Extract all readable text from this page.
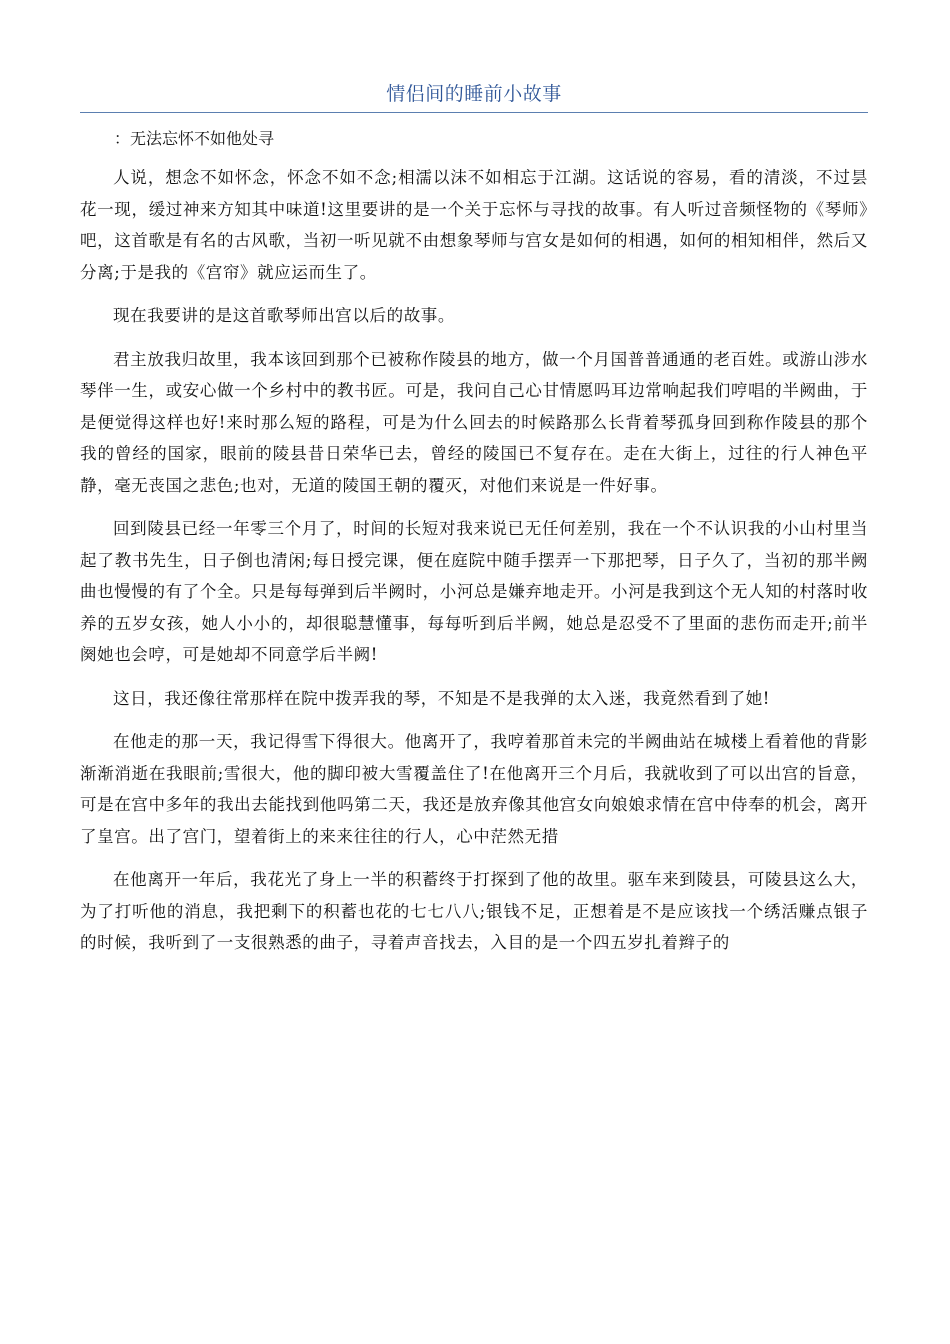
情侣间的睡前小故事

：无法忘怀不如他处寻

人说，想念不如怀念，怀念不如不念;相濡以沫不如相忘于江湖。这话说的容易，看的清淡，不过昙花一现，缓过神来方知其中味道!这里要讲的是一个关于忘怀与寻找的故事。有人听过音频怪物的《琴师》吧，这首歌是有名的古风歌，当初一听见就不由想象琴师与宫女是如何的相遇，如何的相知相伴，然后又分离;于是我的《宫帘》就应运而生了。

现在我要讲的是这首歌琴师出宫以后的故事。

君主放我归故里，我本该回到那个已被称作陵县的地方，做一个月国普普通通的老百姓。或游山涉水琴伴一生，或安心做一个乡村中的教书匠。可是，我问自己心甘情愿吗耳边常响起我们哼唱的半阙曲，于是便觉得这样也好!来时那么短的路程，可是为什么回去的时候路那么长背着琴孤身回到称作陵县的那个我的曾经的国家，眼前的陵县昔日荣华已去，曾经的陵国已不复存在。走在大街上，过往的行人神色平静，毫无丧国之悲色;也对，无道的陵国王朝的覆灭，对他们来说是一件好事。

回到陵县已经一年零三个月了，时间的长短对我来说已无任何差别，我在一个不认识我的小山村里当起了教书先生，日子倒也清闲;每日授完课，便在庭院中随手摆弄一下那把琴，日子久了，当初的那半阙曲也慢慢的有了个全。只是每每弹到后半阙时，小河总是嫌弃地走开。小河是我到这个无人知的村落时收养的五岁女孩，她人小小的，却很聪慧懂事，每每听到后半阙，她总是忍受不了里面的悲伤而走开;前半阕她也会哼，可是她却不同意学后半阙!

这日，我还像往常那样在院中拨弄我的琴，不知是不是我弹的太入迷，我竟然看到了她!

在他走的那一天，我记得雪下得很大。他离开了，我哼着那首未完的半阙曲站在城楼上看着他的背影渐渐消逝在我眼前;雪很大，他的脚印被大雪覆盖住了!在他离开三个月后，我就收到了可以出宫的旨意，可是在宫中多年的我出去能找到他吗第二天，我还是放弃像其他宫女向娘娘求情在宫中侍奉的机会，离开了皇宫。出了宫门，望着街上的来来往往的行人，心中茫然无措

在他离开一年后，我花光了身上一半的积蓄终于打探到了他的故里。驱车来到陵县，可陵县这么大，为了打听他的消息，我把剩下的积蓄也花的七七八八;银钱不足，正想着是不是应该找一个绣活赚点银子的时候，我听到了一支很熟悉的曲子，寻着声音找去，入目的是一个四五岁扎着辫子的
